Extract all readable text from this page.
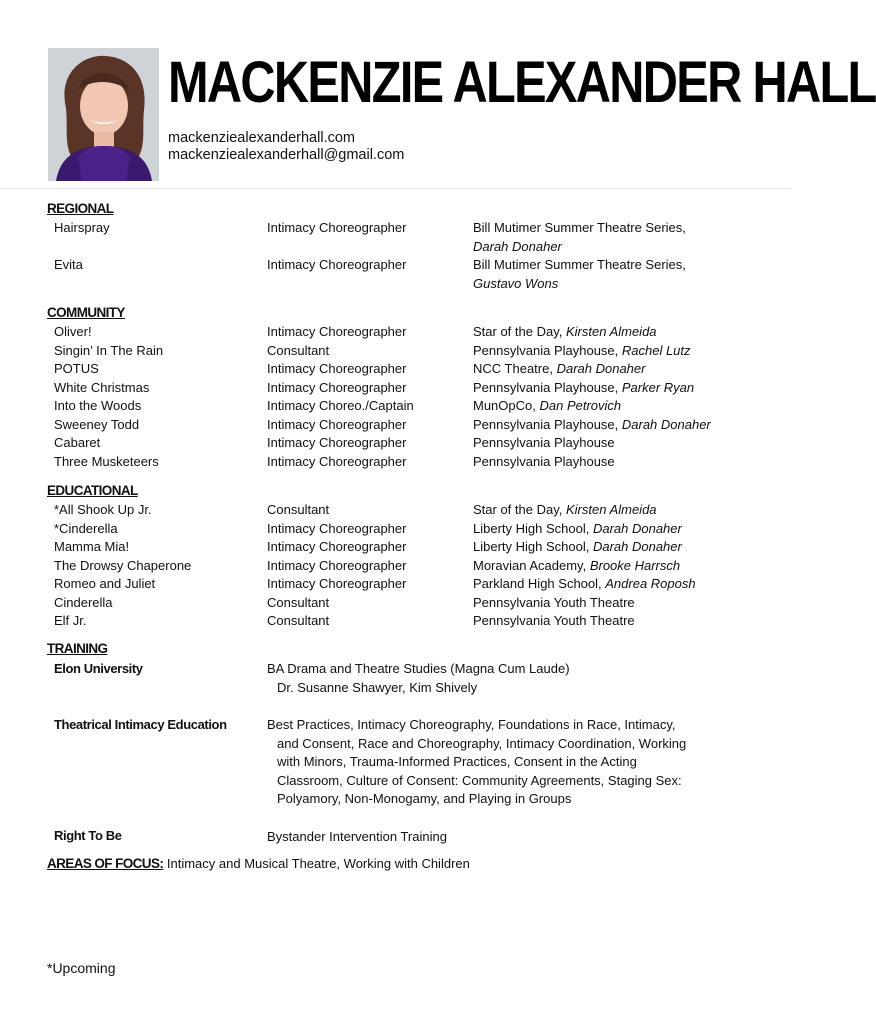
MACKENZIE ALEXANDER HALL
mackenziealexanderhall.com
mackenziealexanderhall@gmail.com
REGIONAL
Hairspray	Intimacy Choreographer	Bill Mutimer Summer Theatre Series,
Darah Donaher
Evita	Intimacy Choreographer	Bill Mutimer Summer Theatre Series,
Gustavo Wons
COMMUNITY
Oliver!	Intimacy Choreographer	Star of the Day, Kirsten Almeida
Singin’ In The Rain	Consultant	Pennsylvania Playhouse, Rachel Lutz
POTUS	Intimacy Choreographer	NCC Theatre, Darah Donaher
White Christmas	Intimacy Choreographer	Pennsylvania Playhouse, Parker Ryan
Into the Woods	Intimacy Choreo./Captain	MunOpCo, Dan Petrovich
Sweeney Todd	Intimacy Choreographer	Pennsylvania Playhouse, Darah Donaher
Cabaret	Intimacy Choreographer	Pennsylvania Playhouse
Three Musketeers	Intimacy Choreographer	Pennsylvania Playhouse
EDUCATIONAL
*All Shook Up Jr.	Consultant	Star of the Day, Kirsten Almeida
*Cinderella	Intimacy Choreographer	Liberty High School, Darah Donaher
Mamma Mia!	Intimacy Choreographer	Liberty High School, Darah Donaher
The Drowsy Chaperone	Intimacy Choreographer	Moravian Academy, Brooke Harrsch
Romeo and Juliet	Intimacy Choreographer	Parkland High School, Andrea Roposh
Cinderella	Consultant	Pennsylvania Youth Theatre
Elf Jr.	Consultant	Pennsylvania Youth Theatre
TRAINING
Elon University	BA Drama and Theatre Studies (Magna Cum Laude)
Dr. Susanne Shawyer, Kim Shively
Theatrical Intimacy Education	Best Practices, Intimacy Choreography, Foundations in Race, Intimacy,
and Consent, Race and Choreography, Intimacy Coordination, Working
with Minors, Trauma-Informed Practices, Consent in the Acting
Classroom, Culture of Consent: Community Agreements, Staging Sex:
Polyamory, Non-Monogamy, and Playing in Groups
Right To Be	Bystander Intervention Training
AREAS OF FOCUS: Intimacy and Musical Theatre, Working with Children
*Upcoming
